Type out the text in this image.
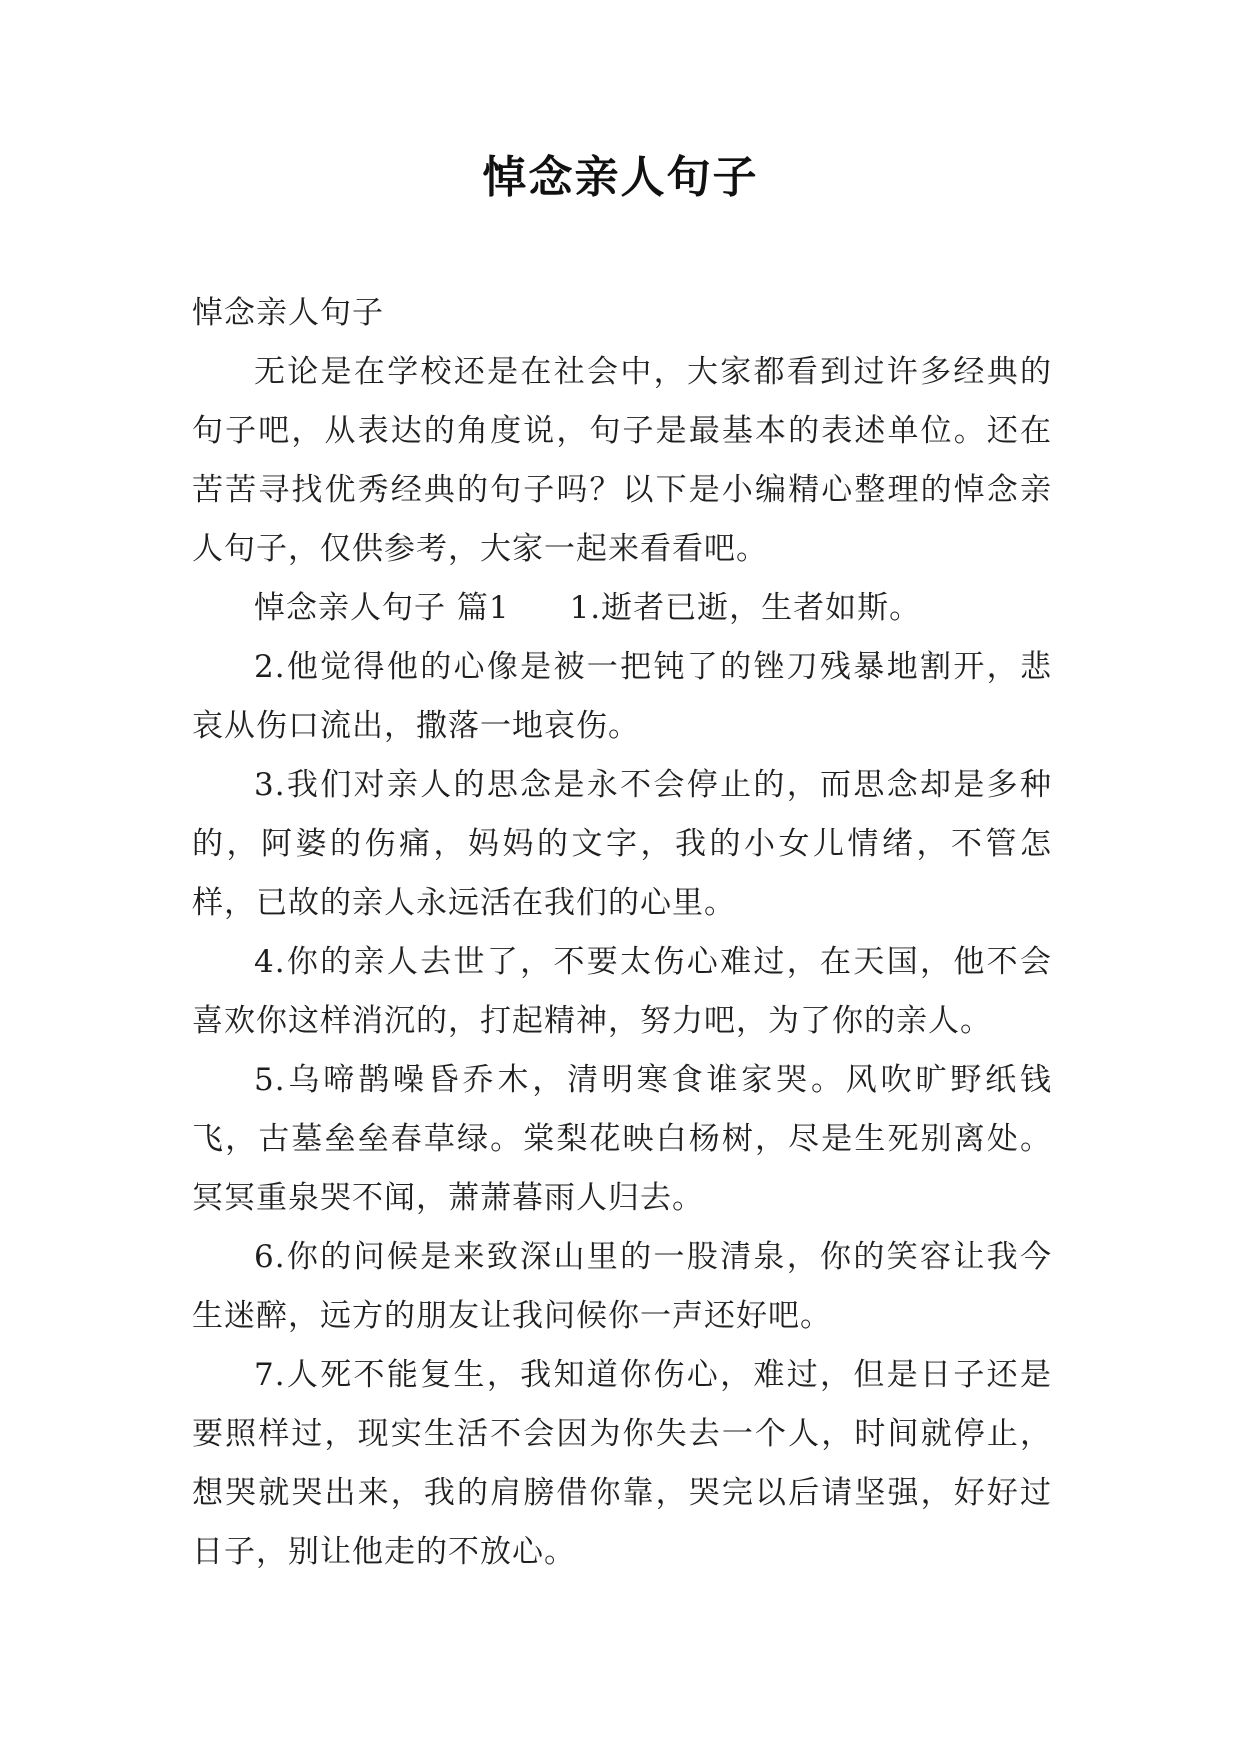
悼念亲人句子

悼念亲人句子

无论是在学校还是在社会中，大家都看到过许多经典的句子吧，从表达的角度说，句子是最基本的表述单位。还在苦苦寻找优秀经典的句子吗？以下是小编精心整理的悼念亲人句子，仅供参考，大家一起来看看吧。

悼念亲人句子 篇1 1.逝者已逝，生者如斯。

2.他觉得他的心像是被一把钝了的锉刀残暴地割开，悲哀从伤口流出，撒落一地哀伤。

3.我们对亲人的思念是永不会停止的，而思念却是多种的，阿婆的伤痛，妈妈的文字，我的小女儿情绪，不管怎样，已故的亲人永远活在我们的心里。

4.你的亲人去世了，不要太伤心难过，在天国，他不会喜欢你这样消沉的，打起精神，努力吧，为了你的亲人。

5.乌啼鹊噪昏乔木，清明寒食谁家哭。风吹旷野纸钱飞，古墓垒垒春草绿。棠梨花映白杨树，尽是生死别离处。冥冥重泉哭不闻，萧萧暮雨人归去。

6.你的问候是来致深山里的一股清泉，你的笑容让我今生迷醉，远方的朋友让我问候你一声还好吧。

7.人死不能复生，我知道你伤心，难过，但是日子还是要照样过，现实生活不会因为你失去一个人，时间就停止，想哭就哭出来，我的肩膀借你靠，哭完以后请坚强，好好过日子，别让他走的不放心。
